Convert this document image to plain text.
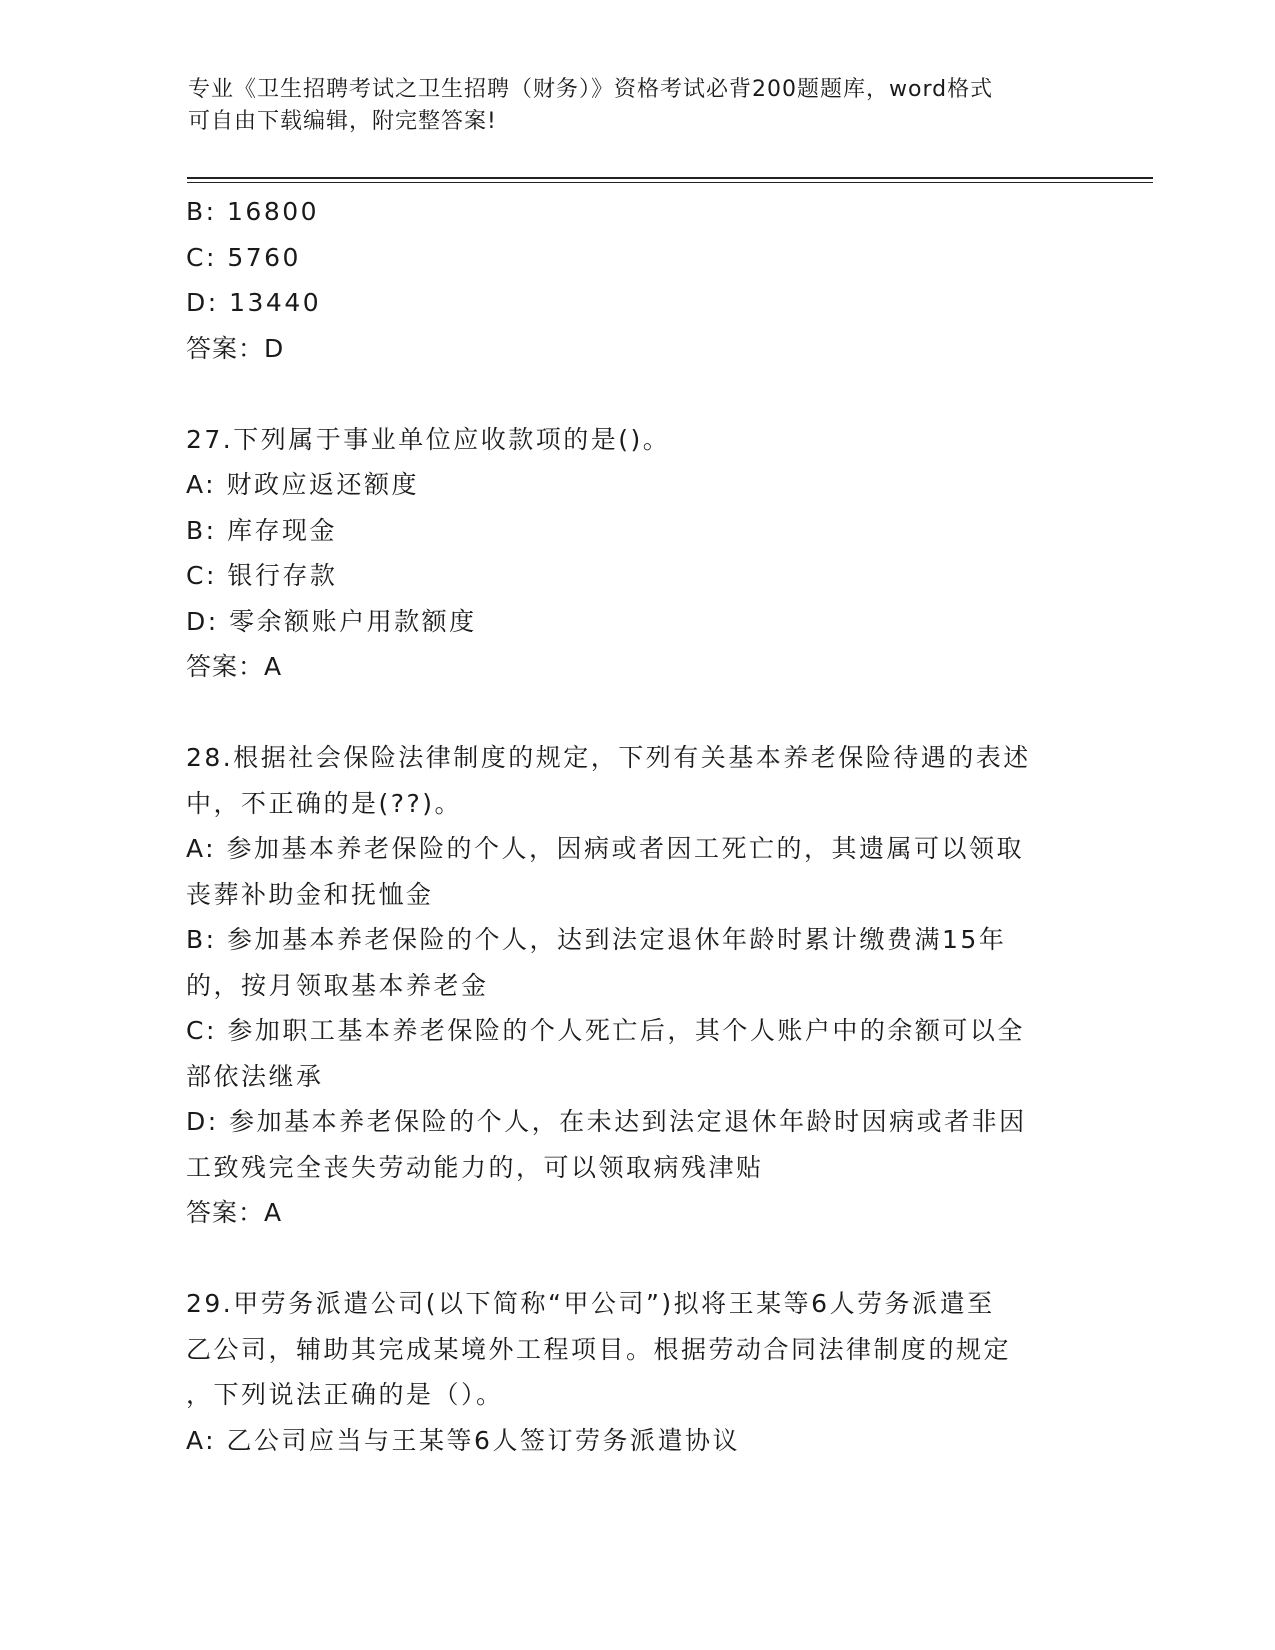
专业《卫生招聘考试之卫生招聘（财务）》资格考试必背200题题库，word格式
可自由下载编辑，附完整答案!
B: 16800
C: 5760
D: 13440
答案：D
27.下列属于事业单位应收款项的是()。
A: 财政应返还额度
B: 库存现金
C: 银行存款
D: 零余额账户用款额度
答案：A
28.根据社会保险法律制度的规定，下列有关基本养老保险待遇的表述
中，不正确的是(??)。
A: 参加基本养老保险的个人，因病或者因工死亡的，其遗属可以领取
丧葬补助金和抚恤金
B: 参加基本养老保险的个人，达到法定退休年龄时累计缴费满15年
的，按月领取基本养老金
C: 参加职工基本养老保险的个人死亡后，其个人账户中的余额可以全
部依法继承
D: 参加基本养老保险的个人，在未达到法定退休年龄时因病或者非因
工致残完全丧失劳动能力的，可以领取病残津贴
答案：A
29.甲劳务派遣公司(以下简称“甲公司”)拟将王某等6人劳务派遣至
乙公司，辅助其完成某境外工程项目。根据劳动合同法律制度的规定
，下列说法正确的是（）。
A: 乙公司应当与王某等6人签订劳务派遣协议
